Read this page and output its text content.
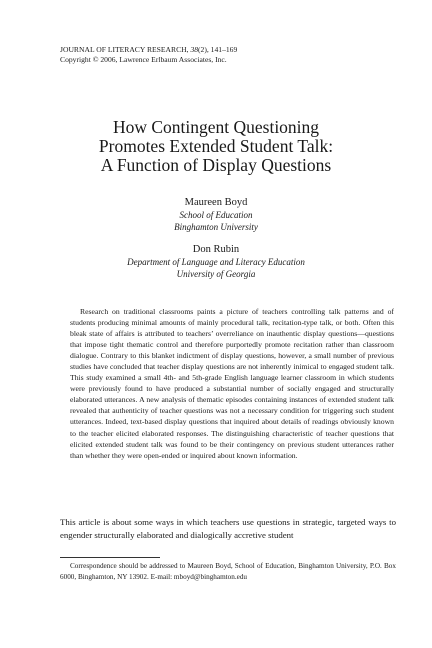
JOURNAL OF LITERACY RESEARCH, 38(2), 141–169
Copyright © 2006, Lawrence Erlbaum Associates, Inc.
How Contingent Questioning
Promotes Extended Student Talk:
A Function of Display Questions
Maureen Boyd
School of Education
Binghamton University
Don Rubin
Department of Language and Literacy Education
University of Georgia

Research on traditional classrooms paints a picture of teachers controlling talk patterns and of students producing minimal amounts of mainly procedural talk, recitation-type talk, or both. Often this bleak state of affairs is attributed to teachers’ overreliance on inauthentic display questions—questions that impose tight thematic control and therefore purportedly promote recitation rather than classroom dialogue. Contrary to this blanket indictment of display questions, however, a small number of previous studies have concluded that teacher display questions are not inherently inimical to engaged student talk. This study examined a small 4th- and 5th-grade English language learner classroom in which students were previously found to have produced a substantial number of socially engaged and structurally elaborated utterances. A new analysis of thematic episodes containing instances of extended student talk revealed that authenticity of teacher questions was not a necessary condition for triggering such student utterances. Indeed, text-based display questions that inquired about details of readings obviously known to the teacher elicited elaborated responses. The distinguishing characteristic of teacher questions that elicited extended student talk was found to be their contingency on previous student utterances rather than whether they were open-ended or inquired about known information.

This article is about some ways in which teachers use questions in strategic, targeted ways to engender structurally elaborated and dialogically accretive student

Correspondence should be addressed to Maureen Boyd, School of Education, Binghamton University, P.O. Box 6000, Binghamton, NY 13902. E-mail: mboyd@binghamton.edu
